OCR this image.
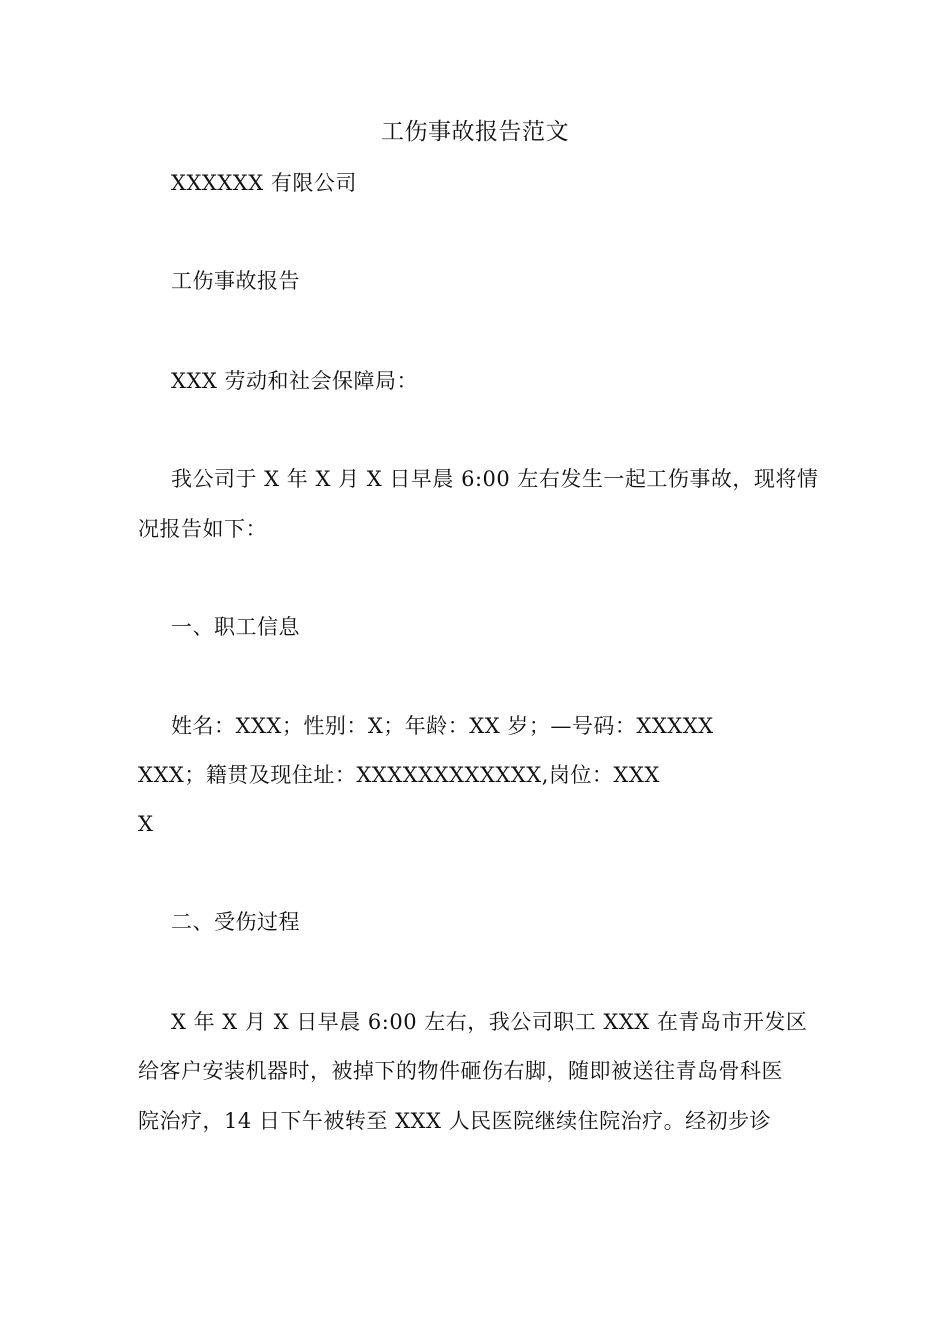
工伤事故报告范文
XXXXXX 有限公司
工伤事故报告
XXX 劳动和社会保障局：
我公司于 X 年 X 月 X 日早晨 6:00 左右发生一起工伤事故，现将情
况报告如下：
一、职工信息
姓名：XXX；性别：X；年龄：XX 岁；—号码：XXXXX
XXX；籍贯及现住址：XXXXXXXXXXXX,岗位：XXX
X
二、受伤过程
X 年 X 月 X 日早晨 6:00 左右，我公司职工 XXX 在青岛市开发区
给客户安装机器时，被掉下的物件砸伤右脚，随即被送往青岛骨科医
院治疗，14 日下午被转至 XXX 人民医院继续住院治疗。经初步诊
